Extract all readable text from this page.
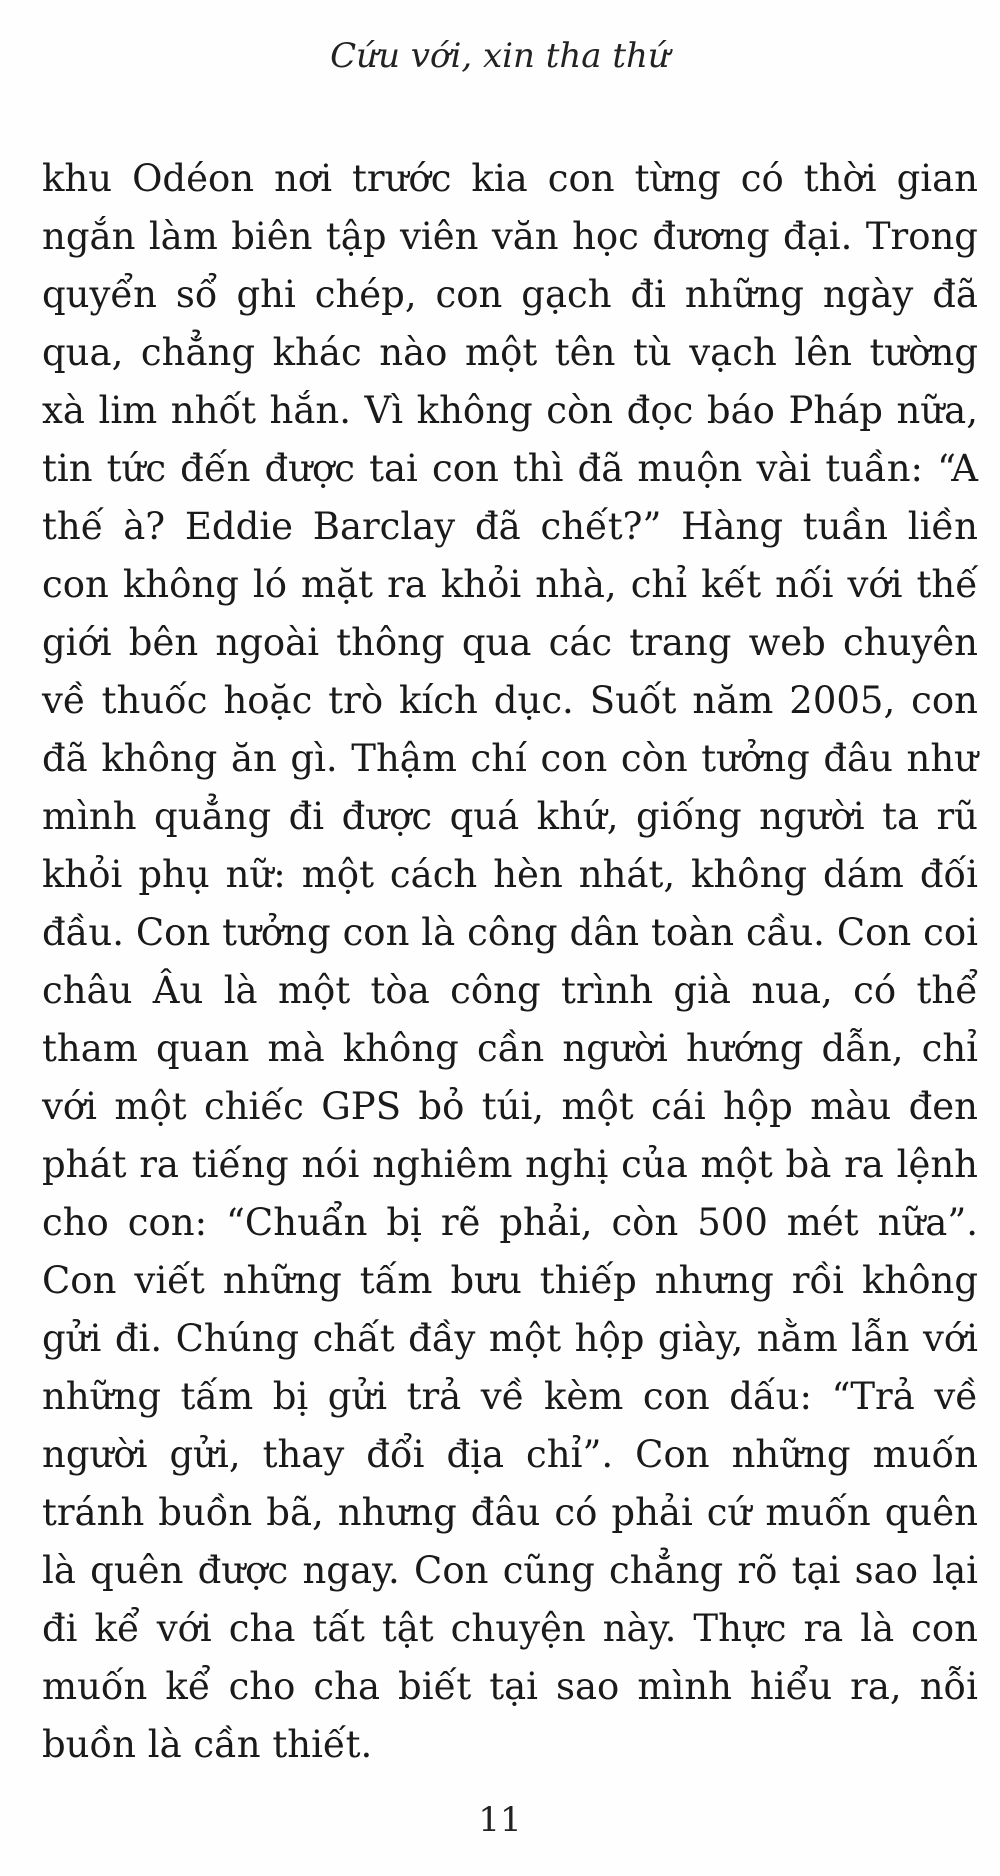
Cứu với, xin tha thứ

khu Odéon nơi trước kia con từng có thời gian ngắn làm biên tập viên văn học đương đại. Trong quyển sổ ghi chép, con gạch đi những ngày đã qua, chẳng khác nào một tên tù vạch lên tường xà lim nhốt hắn. Vì không còn đọc báo Pháp nữa, tin tức đến được tai con thì đã muộn vài tuần: “A thế à? Eddie Barclay đã chết?” Hàng tuần liền con không ló mặt ra khỏi nhà, chỉ kết nối với thế giới bên ngoài thông qua các trang web chuyên về thuốc hoặc trò kích dục. Suốt năm 2005, con đã không ăn gì. Thậm chí con còn tưởng đâu như mình quẳng đi được quá khứ, giống người ta rũ khỏi phụ nữ: một cách hèn nhát, không dám đối đầu. Con tưởng con là công dân toàn cầu. Con coi châu Âu là một tòa công trình già nua, có thể tham quan mà không cần người hướng dẫn, chỉ với một chiếc GPS bỏ túi, một cái hộp màu đen phát ra tiếng nói nghiêm nghị của một bà ra lệnh cho con: “Chuẩn bị rẽ phải, còn 500 mét nữa”. Con viết những tấm bưu thiếp nhưng rồi không gửi đi. Chúng chất đầy một hộp giày, nằm lẫn với những tấm bị gửi trả về kèm con dấu: “Trả về người gửi, thay đổi địa chỉ”. Con những muốn tránh buồn bã, nhưng đâu có phải cứ muốn quên là quên được ngay. Con cũng chẳng rõ tại sao lại đi kể với cha tất tật chuyện này. Thực ra là con muốn kể cho cha biết tại sao mình hiểu ra, nỗi buồn là cần thiết.

11
